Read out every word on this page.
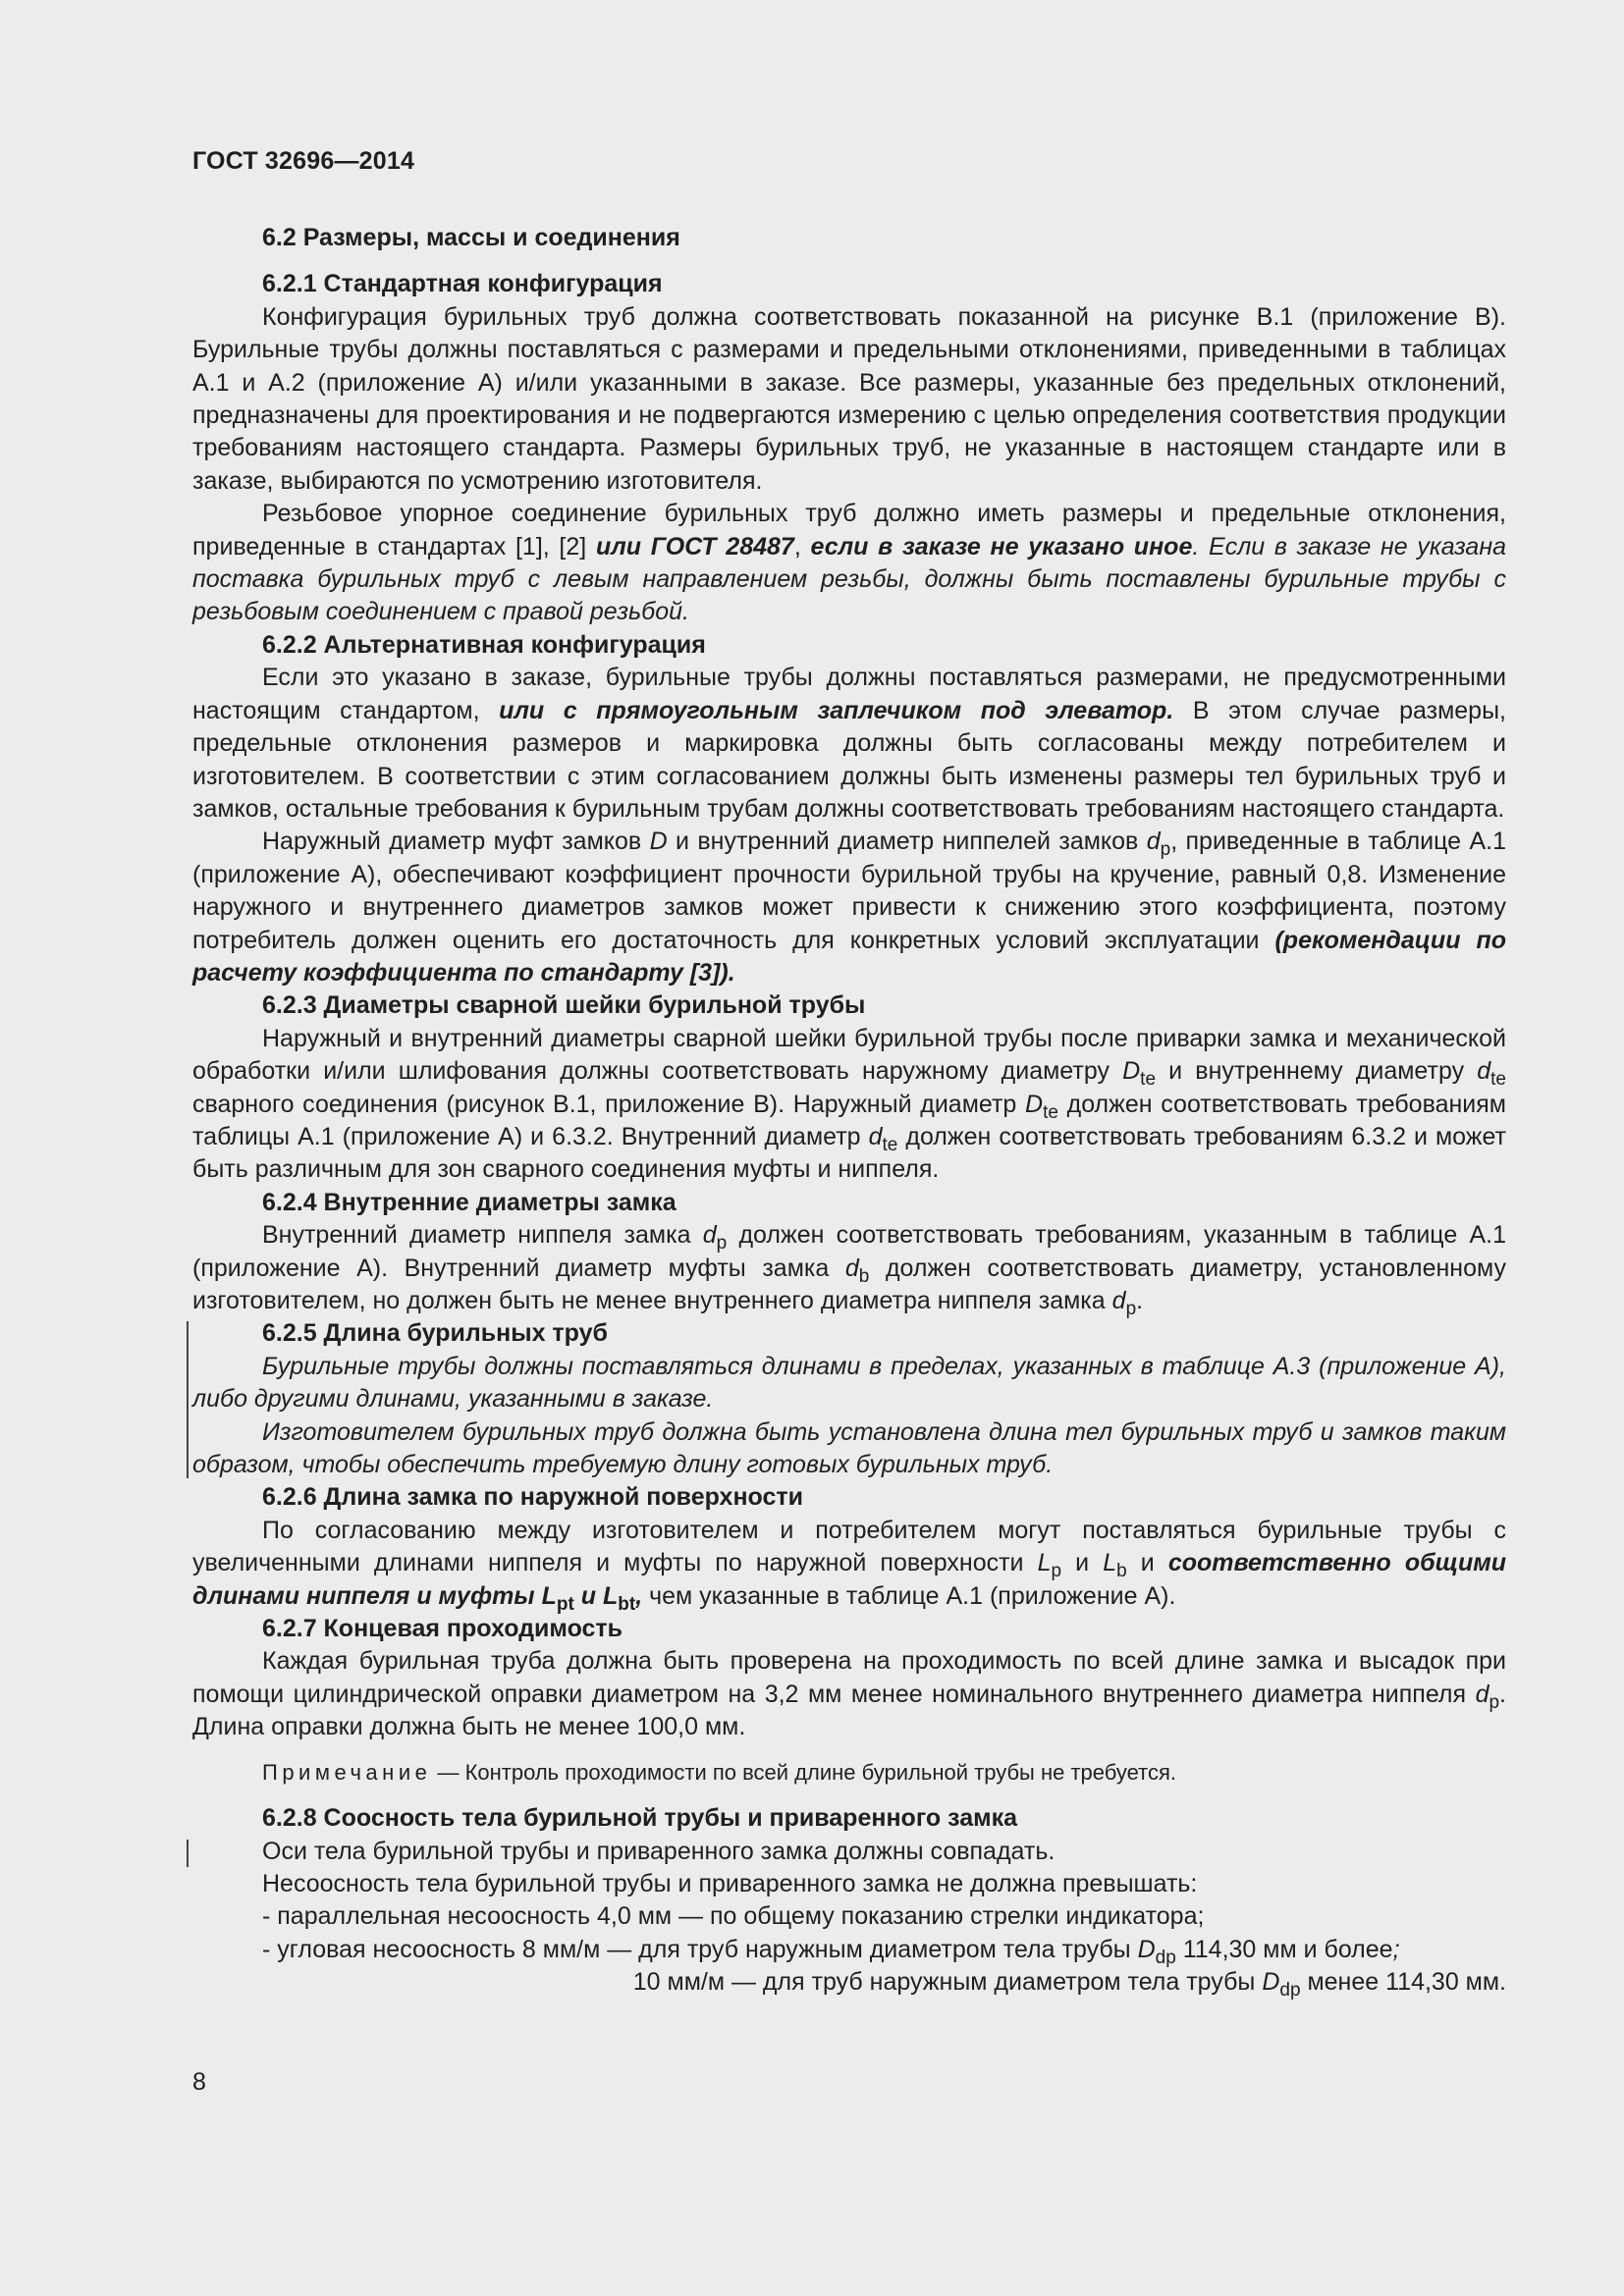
ГОСТ 32696—2014

6.2 Размеры, массы и соединения

6.2.1 Стандартная конфигурация

Конфигурация бурильных труб должна соответствовать показанной на рисунке В.1 (приложение В). Бурильные трубы должны поставляться с размерами и предельными отклонениями, приведенными в таблицах А.1 и А.2 (приложение А) и/или указанными в заказе. Все размеры, указанные без предельных отклонений, предназначены для проектирования и не подвергаются измерению с целью определения соответствия продукции требованиям настоящего стандарта. Размеры бурильных труб, не указанные в настоящем стандарте или в заказе, выбираются по усмотрению изготовителя.

Резьбовое упорное соединение бурильных труб должно иметь размеры и предельные отклонения, приведенные в стандартах [1], [2] или ГОСТ 28487, если в заказе не указано иное. Если в заказе не указана поставка бурильных труб с левым направлением резьбы, должны быть поставлены бурильные трубы с резьбовым соединением с правой резьбой.

6.2.2 Альтернативная конфигурация

Если это указано в заказе, бурильные трубы должны поставляться размерами, не предусмотренными настоящим стандартом, или с прямоугольным заплечиком под элеватор. В этом случае размеры, предельные отклонения размеров и маркировка должны быть согласованы между потребителем и изготовителем. В соответствии с этим согласованием должны быть изменены размеры тел бурильных труб и замков, остальные требования к бурильным трубам должны соответствовать требованиям настоящего стандарта.

Наружный диаметр муфт замков D и внутренний диаметр ниппелей замков $d_p$, приведенные в таблице А.1 (приложение А), обеспечивают коэффициент прочности бурильной трубы на кручение, равный 0,8. Изменение наружного и внутреннего диаметров замков может привести к снижению этого коэффициента, поэтому потребитель должен оценить его достаточность для конкретных условий эксплуатации (рекомендации по расчету коэффициента по стандарту [3]).

6.2.3 Диаметры сварной шейки бурильной трубы

Наружный и внутренний диаметры сварной шейки бурильной трубы после приварки замка и механической обработки и/или шлифования должны соответствовать наружному диаметру $D_{te}$ и внутреннему диаметру $d_{te}$ сварного соединения (рисунок В.1, приложение В). Наружный диаметр $D_{te}$ должен соответствовать требованиям таблицы А.1 (приложение А) и 6.3.2. Внутренний диаметр $d_{te}$ должен соответствовать требованиям 6.3.2 и может быть различным для зон сварного соединения муфты и ниппеля.

6.2.4 Внутренние диаметры замка

Внутренний диаметр ниппеля замка $d_p$ должен соответствовать требованиям, указанным в таблице А.1 (приложение А). Внутренний диаметр муфты замка $d_b$ должен соответствовать диаметру, установленному изготовителем, но должен быть не менее внутреннего диаметра ниппеля замка $d_p$.

6.2.5 Длина бурильных труб

Бурильные трубы должны поставляться длинами в пределах, указанных в таблице А.3 (приложение А), либо другими длинами, указанными в заказе.

Изготовителем бурильных труб должна быть установлена длина тел бурильных труб и замков таким образом, чтобы обеспечить требуемую длину готовых бурильных труб.

6.2.6 Длина замка по наружной поверхности

По согласованию между изготовителем и потребителем могут поставляться бурильные трубы с увеличенными длинами ниппеля и муфты по наружной поверхности $L_p$ и $L_b$ и соответственно общими длинами ниппеля и муфты $L_{pt}$ и $L_{bt}$, чем указанные в таблице А.1 (приложение А).

6.2.7 Концевая проходимость

Каждая бурильная труба должна быть проверена на проходимость по всей длине замка и высадок при помощи цилиндрической оправки диаметром на 3,2 мм менее номинального внутреннего диаметра ниппеля $d_p$. Длина оправки должна быть не менее 100,0 мм.

Примечание — Контроль проходимости по всей длине бурильной трубы не требуется.

6.2.8 Соосность тела бурильной трубы и приваренного замка

Оси тела бурильной трубы и приваренного замка должны совпадать.

Несоосность тела бурильной трубы и приваренного замка не должна превышать:

- параллельная несоосность 4,0 мм — по общему показанию стрелки индикатора;

- угловая несоосность 8 мм/м — для труб наружным диаметром тела трубы $D_{dp}$ 114,30 мм и более;

10 мм/м — для труб наружным диаметром тела трубы $D_{dp}$ менее 114,30 мм.

8
